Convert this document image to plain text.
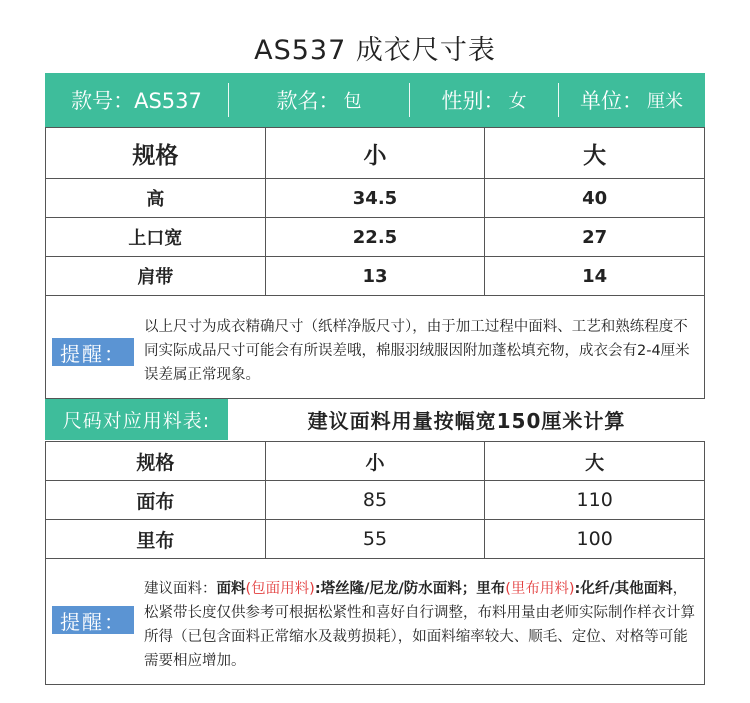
AS537 成衣尺寸表
款号：AS537	款名： 包	性别： 女	单位： 厘米
规格	小	大
高	34.5	40
上口宽	22.5	27
肩带	13	14
提醒：
以上尺寸为成衣精确尺寸（纸样净版尺寸），由于加工过程中面料、工艺和熟练程度不同实际成品尺寸可能会有所误差哦，棉服羽绒服因附加蓬松填充物，成衣会有2-4厘米误差属正常现象。
尺码对应用料表:	建议面料用量按幅宽150厘米计算
规格	小	大
面布	85	110
里布	55	100
提醒：
建议面料：面料(包面用料):塔丝隆/尼龙/防水面料；里布(里布用料):化纤/其他面料，松紧带长度仅供参考可根据松紧性和喜好自行调整，布料用量由老师实际制作样衣计算所得（已包含面料正常缩水及裁剪损耗），如面料缩率较大、顺毛、定位、对格等可能需要相应增加。
